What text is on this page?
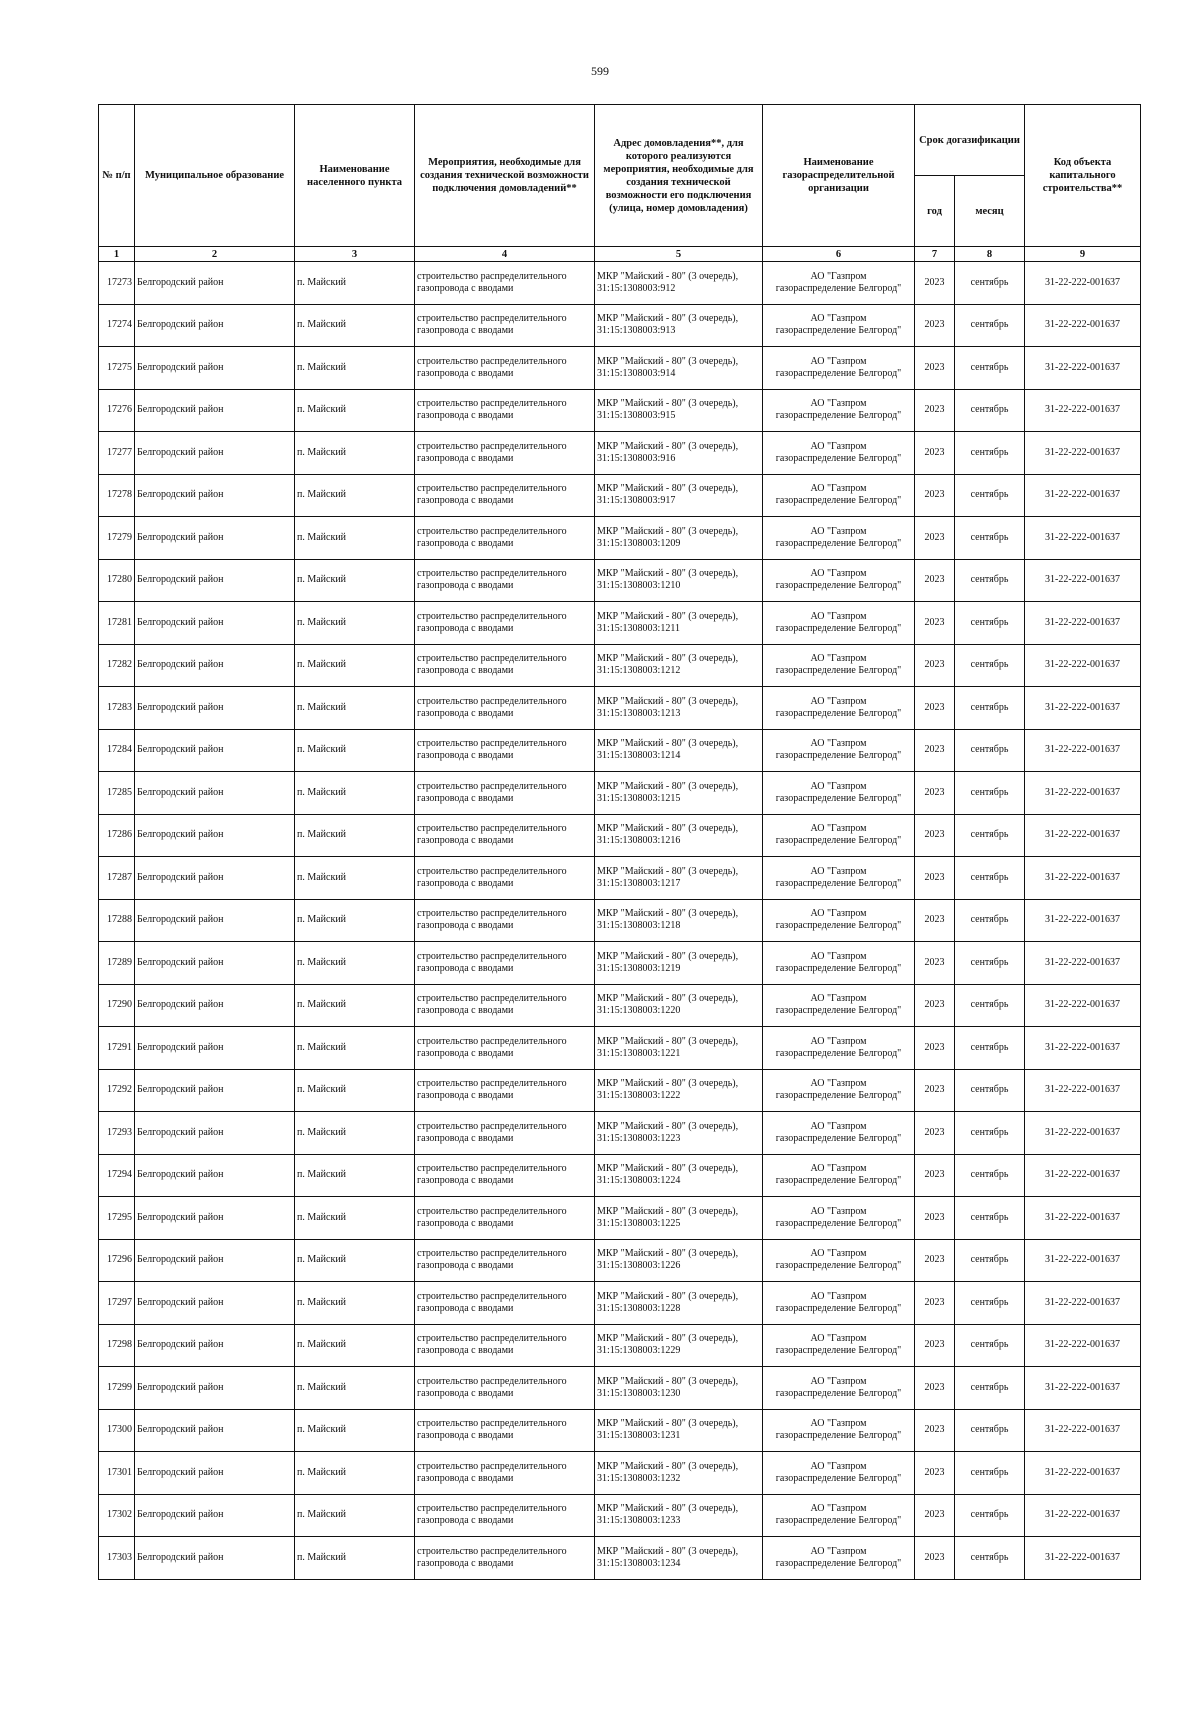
599
№ п/п	Муниципальное образование	Наименование населенного пункта	Мероприятия, необходимые для создания технической возможности подключения домовладений**	Адрес домовладения**, для которого реализуются мероприятия, необходимые для создания технической возможности его подключения (улица, номер домовладения)	Наименование газораспределительной организации	Срок догазификации		Код объекта капитального строительства**
						год	месяц	
1	2	3	4	5	6	7	8	9
17273	Белгородский район	п. Майский	строительство распределительного газопровода с вводами	МКР "Майский - 80" (3 очередь),
31:15:1308003:912	АО "Газпром
газораспределение Белгород"	2023	сентябрь	31-22-222-001637
17274	Белгородский район	п. Майский	строительство распределительного газопровода с вводами	МКР "Майский - 80" (3 очередь),
31:15:1308003:913	АО "Газпром
газораспределение Белгород"	2023	сентябрь	31-22-222-001637
17275	Белгородский район	п. Майский	строительство распределительного газопровода с вводами	МКР "Майский - 80" (3 очередь),
31:15:1308003:914	АО "Газпром
газораспределение Белгород"	2023	сентябрь	31-22-222-001637
17276	Белгородский район	п. Майский	строительство распределительного газопровода с вводами	МКР "Майский - 80" (3 очередь),
31:15:1308003:915	АО "Газпром
газораспределение Белгород"	2023	сентябрь	31-22-222-001637
17277	Белгородский район	п. Майский	строительство распределительного газопровода с вводами	МКР "Майский - 80" (3 очередь),
31:15:1308003:916	АО "Газпром
газораспределение Белгород"	2023	сентябрь	31-22-222-001637
17278	Белгородский район	п. Майский	строительство распределительного газопровода с вводами	МКР "Майский - 80" (3 очередь),
31:15:1308003:917	АО "Газпром
газораспределение Белгород"	2023	сентябрь	31-22-222-001637
17279	Белгородский район	п. Майский	строительство распределительного газопровода с вводами	МКР "Майский - 80" (3 очередь),
31:15:1308003:1209	АО "Газпром
газораспределение Белгород"	2023	сентябрь	31-22-222-001637
17280	Белгородский район	п. Майский	строительство распределительного газопровода с вводами	МКР "Майский - 80" (3 очередь),
31:15:1308003:1210	АО "Газпром
газораспределение Белгород"	2023	сентябрь	31-22-222-001637
17281	Белгородский район	п. Майский	строительство распределительного газопровода с вводами	МКР "Майский - 80" (3 очередь),
31:15:1308003:1211	АО "Газпром
газораспределение Белгород"	2023	сентябрь	31-22-222-001637
17282	Белгородский район	п. Майский	строительство распределительного газопровода с вводами	МКР "Майский - 80" (3 очередь),
31:15:1308003:1212	АО "Газпром
газораспределение Белгород"	2023	сентябрь	31-22-222-001637
17283	Белгородский район	п. Майский	строительство распределительного газопровода с вводами	МКР "Майский - 80" (3 очередь),
31:15:1308003:1213	АО "Газпром
газораспределение Белгород"	2023	сентябрь	31-22-222-001637
17284	Белгородский район	п. Майский	строительство распределительного газопровода с вводами	МКР "Майский - 80" (3 очередь),
31:15:1308003:1214	АО "Газпром
газораспределение Белгород"	2023	сентябрь	31-22-222-001637
17285	Белгородский район	п. Майский	строительство распределительного газопровода с вводами	МКР "Майский - 80" (3 очередь),
31:15:1308003:1215	АО "Газпром
газораспределение Белгород"	2023	сентябрь	31-22-222-001637
17286	Белгородский район	п. Майский	строительство распределительного газопровода с вводами	МКР "Майский - 80" (3 очередь),
31:15:1308003:1216	АО "Газпром
газораспределение Белгород"	2023	сентябрь	31-22-222-001637
17287	Белгородский район	п. Майский	строительство распределительного газопровода с вводами	МКР "Майский - 80" (3 очередь),
31:15:1308003:1217	АО "Газпром
газораспределение Белгород"	2023	сентябрь	31-22-222-001637
17288	Белгородский район	п. Майский	строительство распределительного газопровода с вводами	МКР "Майский - 80" (3 очередь),
31:15:1308003:1218	АО "Газпром
газораспределение Белгород"	2023	сентябрь	31-22-222-001637
17289	Белгородский район	п. Майский	строительство распределительного газопровода с вводами	МКР "Майский - 80" (3 очередь),
31:15:1308003:1219	АО "Газпром
газораспределение Белгород"	2023	сентябрь	31-22-222-001637
17290	Белгородский район	п. Майский	строительство распределительного газопровода с вводами	МКР "Майский - 80" (3 очередь),
31:15:1308003:1220	АО "Газпром
газораспределение Белгород"	2023	сентябрь	31-22-222-001637
17291	Белгородский район	п. Майский	строительство распределительного газопровода с вводами	МКР "Майский - 80" (3 очередь),
31:15:1308003:1221	АО "Газпром
газораспределение Белгород"	2023	сентябрь	31-22-222-001637
17292	Белгородский район	п. Майский	строительство распределительного газопровода с вводами	МКР "Майский - 80" (3 очередь),
31:15:1308003:1222	АО "Газпром
газораспределение Белгород"	2023	сентябрь	31-22-222-001637
17293	Белгородский район	п. Майский	строительство распределительного газопровода с вводами	МКР "Майский - 80" (3 очередь),
31:15:1308003:1223	АО "Газпром
газораспределение Белгород"	2023	сентябрь	31-22-222-001637
17294	Белгородский район	п. Майский	строительство распределительного газопровода с вводами	МКР "Майский - 80" (3 очередь),
31:15:1308003:1224	АО "Газпром
газораспределение Белгород"	2023	сентябрь	31-22-222-001637
17295	Белгородский район	п. Майский	строительство распределительного газопровода с вводами	МКР "Майский - 80" (3 очередь),
31:15:1308003:1225	АО "Газпром
газораспределение Белгород"	2023	сентябрь	31-22-222-001637
17296	Белгородский район	п. Майский	строительство распределительного газопровода с вводами	МКР "Майский - 80" (3 очередь),
31:15:1308003:1226	АО "Газпром
газораспределение Белгород"	2023	сентябрь	31-22-222-001637
17297	Белгородский район	п. Майский	строительство распределительного газопровода с вводами	МКР "Майский - 80" (3 очередь),
31:15:1308003:1228	АО "Газпром
газораспределение Белгород"	2023	сентябрь	31-22-222-001637
17298	Белгородский район	п. Майский	строительство распределительного газопровода с вводами	МКР "Майский - 80" (3 очередь),
31:15:1308003:1229	АО "Газпром
газораспределение Белгород"	2023	сентябрь	31-22-222-001637
17299	Белгородский район	п. Майский	строительство распределительного газопровода с вводами	МКР "Майский - 80" (3 очередь),
31:15:1308003:1230	АО "Газпром
газораспределение Белгород"	2023	сентябрь	31-22-222-001637
17300	Белгородский район	п. Майский	строительство распределительного газопровода с вводами	МКР "Майский - 80" (3 очередь),
31:15:1308003:1231	АО "Газпром
газораспределение Белгород"	2023	сентябрь	31-22-222-001637
17301	Белгородский район	п. Майский	строительство распределительного газопровода с вводами	МКР "Майский - 80" (3 очередь),
31:15:1308003:1232	АО "Газпром
газораспределение Белгород"	2023	сентябрь	31-22-222-001637
17302	Белгородский район	п. Майский	строительство распределительного газопровода с вводами	МКР "Майский - 80" (3 очередь),
31:15:1308003:1233	АО "Газпром
газораспределение Белгород"	2023	сентябрь	31-22-222-001637
17303	Белгородский район	п. Майский	строительство распределительного газопровода с вводами	МКР "Майский - 80" (3 очередь),
31:15:1308003:1234	АО "Газпром
газораспределение Белгород"	2023	сентябрь	31-22-222-001637
